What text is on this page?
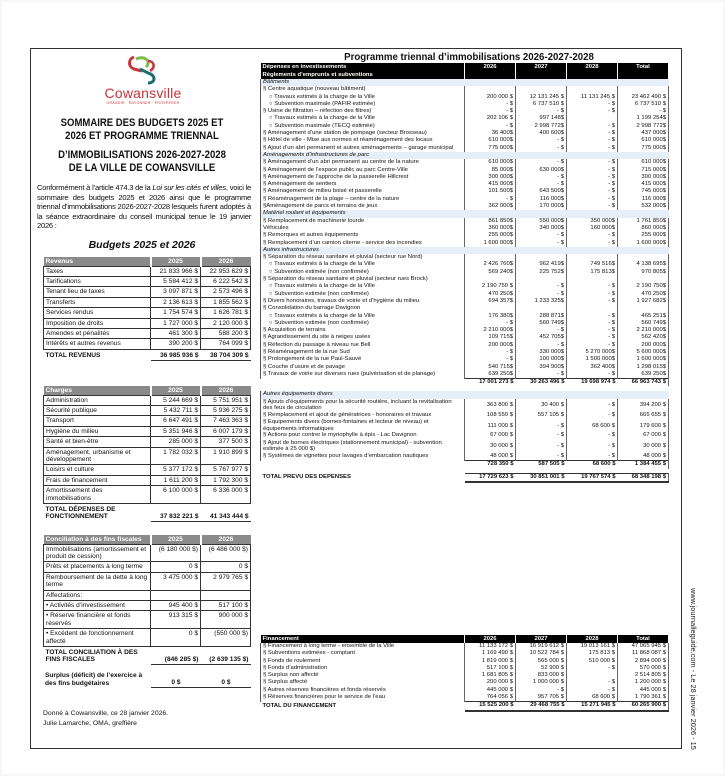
Cowansville
GRANDIR · RAYONNER · PROSPÉRER
SOMMAIRE DES BUDGETS 2025 ET
2026 ET PROGRAMME TRIENNAL
D’IMMOBILISATIONS 2026-2027-2028
DE LA VILLE DE COWANSVILLE

Conformément à l’article 474.3 de la Loi sur les cités et villes, voici le sommaire des budgets 2025 et 2026 ainsi que le programme triennal d’immobilisations 2026-2027-2028 lesquels furent adoptés à la séance extraordinaire du conseil municipal tenue le 19 janvier 2026 :

Budgets 2025 et 2026
Revenus	2025	2026
Taxes	21 833 966 $	22 953 629 $
Tarifications	5 584 412 $	6 222 542 $
Tenant lieu de taxes	3 097 871 $	2 573 496 $
Transferts	2 136 613 $	1 855 562 $
Services rendus	1 754 574 $	1 626 781 $
Imposition de droits	1 727 000 $	2 120 000 $
Amendes et pénalités	461 300 $	588 200 $
Intérêts et autres revenus	390 200 $	764 099 $
TOTAL REVENUS	36 985 936 $	38 704 309 $
Charges	2025	2026
Administration	5 244 669 $	5 751 951 $
Sécurité publique	5 432 711 $	5 936 275 $
Transport	6 647 491 $	7 463 363 $
Hygiène du milieu	5 351 946 $	6 007 179 $
Santé et bien-être	285 000 $	377 500 $
Aménagement, urbanisme et développement	1 782 032 $	1 910 899 $
Loisirs et culture	5 377 172 $	5 767 977 $
Frais de financement	1 611 200 $	1 792 300 $
Amortissement des immobilisations	6 100 000 $	6 336 000 $
TOTAL DÉPENSES DE FONCTIONNEMENT	37 832 221 $	41 343 444 $
Conciliation à des fins fiscales	2025	2026
Immobilisations (amortissement et produit de cession)	(6 180 000 $)	(6 486 000 $)
Prêts et placements à long terme	0 $	0 $
Remboursement de la dette à long terme	3 475 000 $	2 979 765 $
Affectations:		
• Activités d’investissement	945 400 $	517 100 $
• Réserve financière et fonds réservés	913 315 $	900 000 $
• Excédent de fonctionnement affecté	0 $	(550 000 $)
TOTAL CONCILIATION À DES FINS FISCALES	(846 285 $)	(2 639 135 $)
Surplus (déficit) de l’exercice à des fins budgétaires	0 $	0 $
Donné à Cowansville, ce 28 janvier 2026.
Julie Lamarche, OMA, greffière
Programme triennal d’immobilisations 2026-2027-2028
Dépenses en investissements	2026	2027	2028	Total
Règlements d’emprunts et subventions				
Bâtiments				
§ Centre aquatique (nouveau bâtiment)				
○ Travaux estimés à la charge de la Ville	200 000 $	12 131 245 $	11 131 245 $	23 462 490 $
○ Subvention maximale (PAFIR estimée)	- $	6 737 510 $	- $	6 737 510 $
§ Usine de filtration – réfection des filtres)	- $	- $	- $	- $
○ Travaux estimés à la charge de la Ville	202 106 $	997 148$		1 199 254$
○ Subvention maximale (TECQ estimée)	- $	2 998 772$	- $	2 998 772$
§ Aménagement d’une station de pompage (secteur Brosseau)	36 400$	400 600$	- $	437 000$
§ Hôtel de ville - Mise aux normes et réaménagement des locaux	610 000$	- $	- $	610 000$
§ Ajout d’un abri permanent et autres aménagements – garage municipal	775 000$	- $	- $	775 000$
Aménagements d’infrastructures de parc				
§ Aménagement d’un abri permanent au centre de la nature	610 000$	- $	- $	610 000$
§ Aménagement de l’espace public au parc Centre-Ville	85 000$	630 000$	- $	715 000$
§ Aménagement de l’approche de la passerelle Hillcrest	300 000$	- $	- $	300 000$
§ Aménagement de sentiers	415 000$	- $	- $	415 000$
§ Aménagement de milieu boisé et passerelle	101 500$	643 500$	- $	745 000$
§ Réaménagement de la plage – centre de la nature	- $	116 000$	- $	116 000$
§Aménagement de parcs et terrains de jeux	362 000$	170 000$	- $	532 000$
Matériel roulant et équipements				
§ Remplacement de machinerie lourde	861 850$	550 000$	350 000$	1 761 850$
Véhicules	360 000$	340 000$	160 000$	860 000$
§ Remorques et autres équipements	255 000$	- $	- $	255 000$
§ Remplacement d’un camion citerne - service des incendies	1 600 000$	- $	- $	1 600 000$
Autres infrastructures				
§ Séparation du réseau sanitaire et pluvial (secteur rue Nord)				
○ Travaux estimés à la charge de la Ville	2 426 760$	962 419$	749 516$	4 138 695$
○ Subvention estimée (non confirmée)	569 240$	225 752$	175 813$	970 805$
§ Séparation du réseau sanitaire et pluvial (secteur rues Brock)				
○ Travaux estimés à la charge de la Ville	2 190 750 $	- $	- $	2 190 750$
○ Subvention estimée (non confirmée)	470 250$	- $	- $	470 250$
§ Divers honoraires, travaux de voirie et d’hygiène du milieu	694 357$	1 233 325$	- $	1 927 682$
§ Consolidation du barrage Davignon				
○ Travaux estimés à la charge de la Ville	176 380$	288 871$	- $	465 251$
○ Subvention estimée (non confirmée)	- $	560 749$	- $	560 749$
§ Acquisition de terrains	2 210 000$	- $	- $	2 210 000$
§ Agrandissement du site à neiges usées	109 715$	452 705$	- $	562 420$
§ Réfection du passage à niveau rue Bell	200 000$	- $	- $	200 000$
§ Réaménagement de la rue Sud	- $	330 000$	5 270 000$	5 600 000$
§ Prolongement de la rue Paul-Sauvé	- $	100 000$	1 500 000$	1 600 000$
§ Couche d’usure et de pavage	540 715$	394 900$	362 400$	1 298 015$
§ Travaux de voirie sur diverses rues (pulvérisation et de planage)	639 250$	- $	- $	639 250$
	17 001 273 $	30 263 496 $	19 698 974 $	66 963 743 $

Autres équipements divers				
§ Ajouts d’équipements pour la sécurité routière, incluant la revitalisation des feux de circulation	363 800 $	30 400 $	- $	394 200 $
§ Remplacement et ajout de génératrices - honoraires et travaux	108 550 $	557 105 $	- $	665 655 $
§ Équipements divers (bornes-fontaines et lecteur de niveau) et équipements informatiques	111 000 $	- $	68 600 $	179 600 $
§ Actions pour contrer le myriophylle à épis - Lac Davignon	67 000 $	- $	- $	67 000 $
§ Ajout de bornes électriques (stationnement municipal) - subvention estimée à 25 000 $)	30 000 $	- $	- $	30 000 $
§ Systèmes de vignettes pour lavages d’embarcation nautiques	48 000 $	- $	- $	48 000 $
	728 350 $	587 505 $	68 600 $	1 384 455 $

TOTAL PRÉVU DES DÉPENSES	17 729 623 $	30 851 001 $	19 767 574 $	68 348 198 $
Financement	2026	2027	2028	Total
§ Financement à long terme - ensemble de la Ville	11 133 172 $	16 919 612 $	19 013 161 $	47 065 945 $
§ Subventions estimées - comptant	1 169 490 $	10 522 784 $	175 813 $	11 868 087 $
§ Fonds de roulement	1 819 000 $	565 000 $	510 000 $	2 894 000 $
§ Fonds d’administration	517 100 $	52 900 $	- $	570 000 $
§ Surplus non affecté	1 681 805 $	833 000 $		2 514 805 $
§ Surplus affecté	200 000 $	1 000 000 $	- $	1 200 000 $
§ Autres réserves financières et fonds réservés	445 000 $	- $	- $	445 000 $
§ Réserves financières pour le service de l’eau	764 056 $	957 705 $	68 600 $	1 790 361 $
TOTAL DU FINANCEMENT	15 525 200 $	29 468 755 $	15 271 945 $	60 265 900 $	www.journalleguide.com - Le 28 janvier 2026 - 15
